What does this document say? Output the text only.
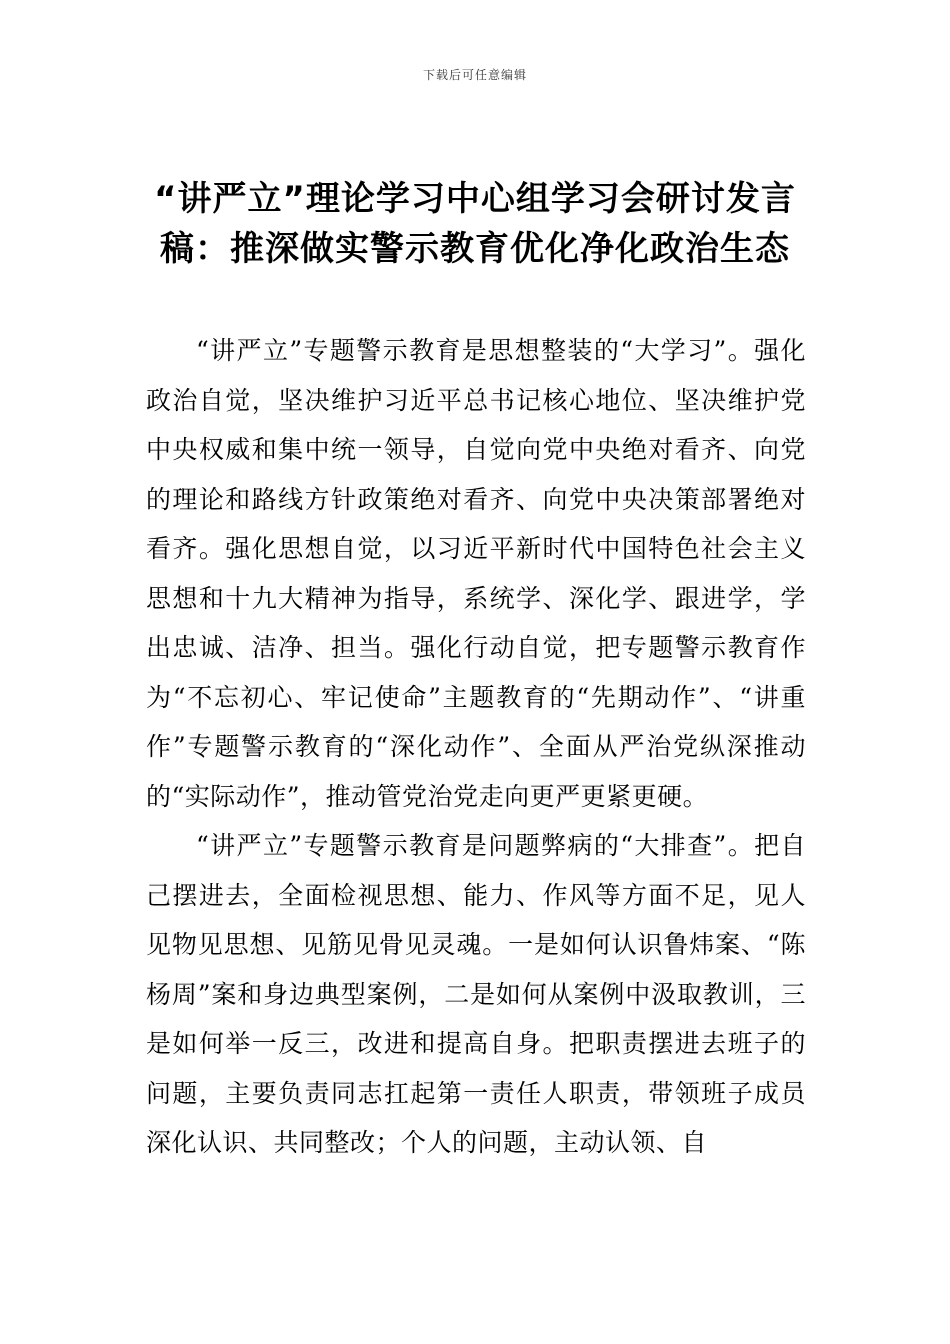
下载后可任意编辑
“讲严立”理论学习中心组学习会研讨发言稿：推深做实警示教育优化净化政治生态

“讲严立”专题警示教育是思想整装的“大学习”。强化政治自觉，坚决维护习近平总书记核心地位、坚决维护党中央权威和集中统一领导，自觉向党中央绝对看齐、向党的理论和路线方针政策绝对看齐、向党中央决策部署绝对看齐。强化思想自觉，以习近平新时代中国特色社会主义思想和十九大精神为指导，系统学、深化学、跟进学，学出忠诚、洁净、担当。强化行动自觉，把专题警示教育作为“不忘初心、牢记使命”主题教育的“先期动作”、“讲重作”专题警示教育的“深化动作”、全面从严治党纵深推动的“实际动作”，推动管党治党走向更严更紧更硬。

“讲严立”专题警示教育是问题弊病的“大排查”。把自己摆进去，全面检视思想、能力、作风等方面不足，见人见物见思想、见筋见骨见灵魂。一是如何认识鲁炜案、“陈杨周”案和身边典型案例，二是如何从案例中汲取教训，三是如何举一反三，改进和提高自身。把职责摆进去班子的问题，主要负责同志扛起第一责任人职责，带领班子成员深化认识、共同整改；个人的问题，主动认领、自
